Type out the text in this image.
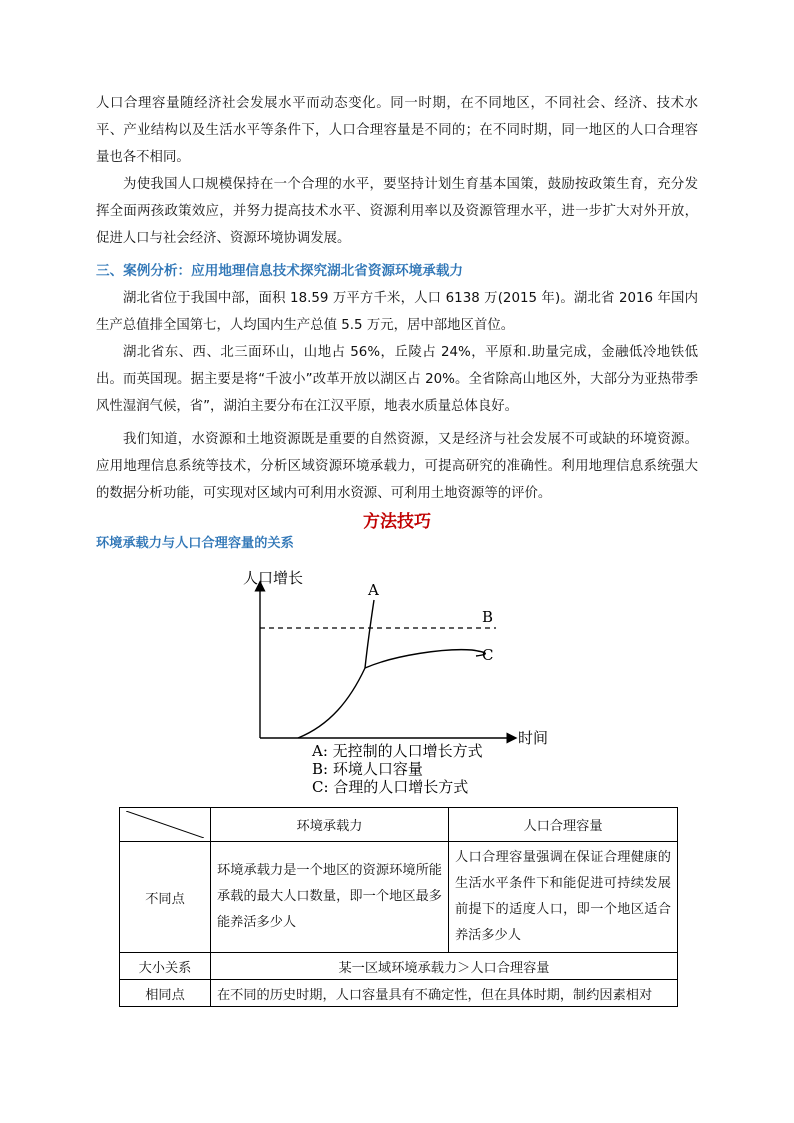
人口合理容量随经济社会发展水平而动态变化。同一时期，在不同地区，不同社会、经济、技术水平、产业结构以及生活水平等条件下，人口合理容量是不同的；在不同时期，同一地区的人口合理容量也各不相同。

为使我国人口规模保持在一个合理的水平，要坚持计划生育基本国策，鼓励按政策生育，充分发挥全面两孩政策效应，并努力提高技术水平、资源利用率以及资源管理水平，进一步扩大对外开放，促进人口与社会经济、资源环境协调发展。

三、案例分析：应用地理信息技术探究湖北省资源环境承载力

湖北省位于我国中部，面积 18.59 万平方千米，人口 6138 万(2015 年)。湖北省 2016 年国内生产总值排全国第七，人均国内生产总值 5.5 万元，居中部地区首位。

湖北省东、西、北三面环山，山地占 56%，丘陵占 24%，平原和.助量完成，金融低冷地铁低出。而英国现。据主要是将“千波小”改革开放以湖区占 20%。全省除高山地区外，大部分为亚热带季风性湿润气候，省”，湖泊主要分布在江汉平原，地表水质量总体良好。

我们知道，水资源和土地资源既是重要的自然资源，又是经济与社会发展不可或缺的环境资源。应用地理信息系统等技术，分析区域资源环境承载力，可提高研究的准确性。利用地理信息系统强大的数据分析功能，可实现对区域内可利用水资源、可利用土地资源等的评价。

方法技巧

环境承载力与人口合理容量的关系

人口增长
时间
A
B
C
A: 无控制的人口增长方式
B: 环境人口容量
C: 合理的人口增长方式
	环境承载力	人口合理容量
不同点	环境承载力是一个地区的资源环境所能承载的最大人口数量，即一个地区最多能养活多少人	人口合理容量强调在保证合理健康的生活水平条件下和能促进可持续发展前提下的适度人口，即一个地区适合养活多少人
大小关系	某一区域环境承载力＞人口合理容量	
相同点	在不同的历史时期，人口容量具有不确定性，但在具体时期，制约因素相对	
